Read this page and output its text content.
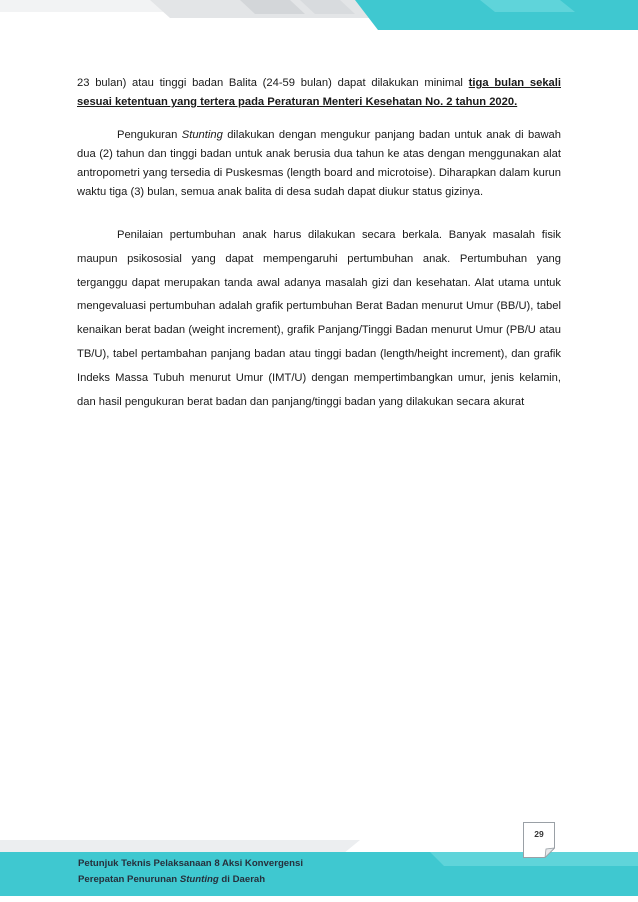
23 bulan) atau tinggi badan Balita (24-59 bulan) dapat dilakukan minimal tiga bulan sekali sesuai ketentuan yang tertera pada Peraturan Menteri Kesehatan No. 2 tahun 2020.

Pengukuran Stunting dilakukan dengan mengukur panjang badan untuk anak di bawah dua (2) tahun dan tinggi badan untuk anak berusia dua tahun ke atas dengan menggunakan alat antropometri yang tersedia di Puskesmas (length board and microtoise). Diharapkan dalam kurun waktu tiga (3) bulan, semua anak balita di desa sudah dapat diukur status gizinya.

Penilaian pertumbuhan anak harus dilakukan secara berkala. Banyak masalah fisik maupun psikososial yang dapat mempengaruhi pertumbuhan anak. Pertumbuhan yang terganggu dapat merupakan tanda awal adanya masalah gizi dan kesehatan. Alat utama untuk mengevaluasi pertumbuhan adalah grafik pertumbuhan Berat Badan menurut Umur (BB/U), tabel kenaikan berat badan (weight increment), grafik Panjang/Tinggi Badan menurut Umur (PB/U atau TB/U), tabel pertambahan panjang badan atau tinggi badan (length/height increment), dan grafik Indeks Massa Tubuh menurut Umur (IMT/U) dengan mempertimbangkan umur, jenis kelamin, dan hasil pengukuran berat badan dan panjang/tinggi badan yang dilakukan secara akurat

29
Petunjuk Teknis Pelaksanaan 8 Aksi Konvergensi
Perepatan Penurunan Stunting di Daerah
